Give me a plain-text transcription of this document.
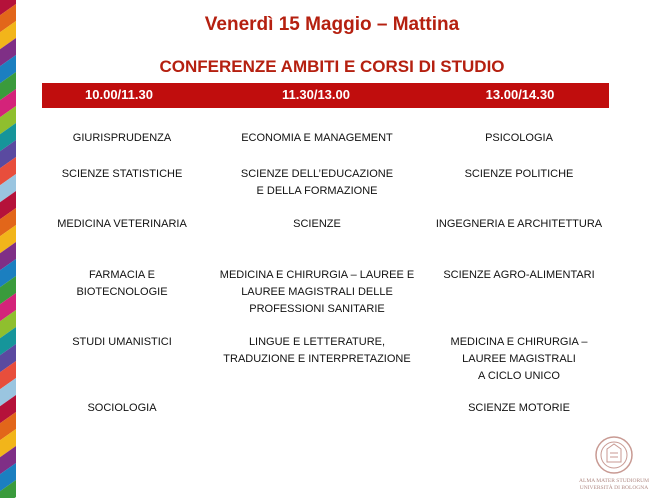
Venerdì 15 Maggio – Mattina
CONFERENZE AMBITI E CORSI DI STUDIO
10.00/11.30	11.30/13.00	13.00/14.30
GIURISPRUDENZA
SCIENZE STATISTICHE
MEDICINA VETERINARIA
FARMACIA E
BIOTECNOLOGIE
STUDI UMANISTICI
SOCIOLOGIA
ECONOMIA E MANAGEMENT
SCIENZE DELL’EDUCAZIONE
E DELLA FORMAZIONE
SCIENZE
MEDICINA E CHIRURGIA – LAUREE E
LAUREE MAGISTRALI DELLE
PROFESSIONI SANITARIE
LINGUE E LETTERATURE,
TRADUZIONE E INTERPRETAZIONE
PSICOLOGIA
SCIENZE POLITICHE
INGEGNERIA E ARCHITETTURA
SCIENZE AGRO-ALIMENTARI
MEDICINA E CHIRURGIA –
LAUREE MAGISTRALI
A CICLO UNICO
SCIENZE MOTORIE
ALMA MATER STUDIORUM
UNIVERSITÀ DI BOLOGNA
